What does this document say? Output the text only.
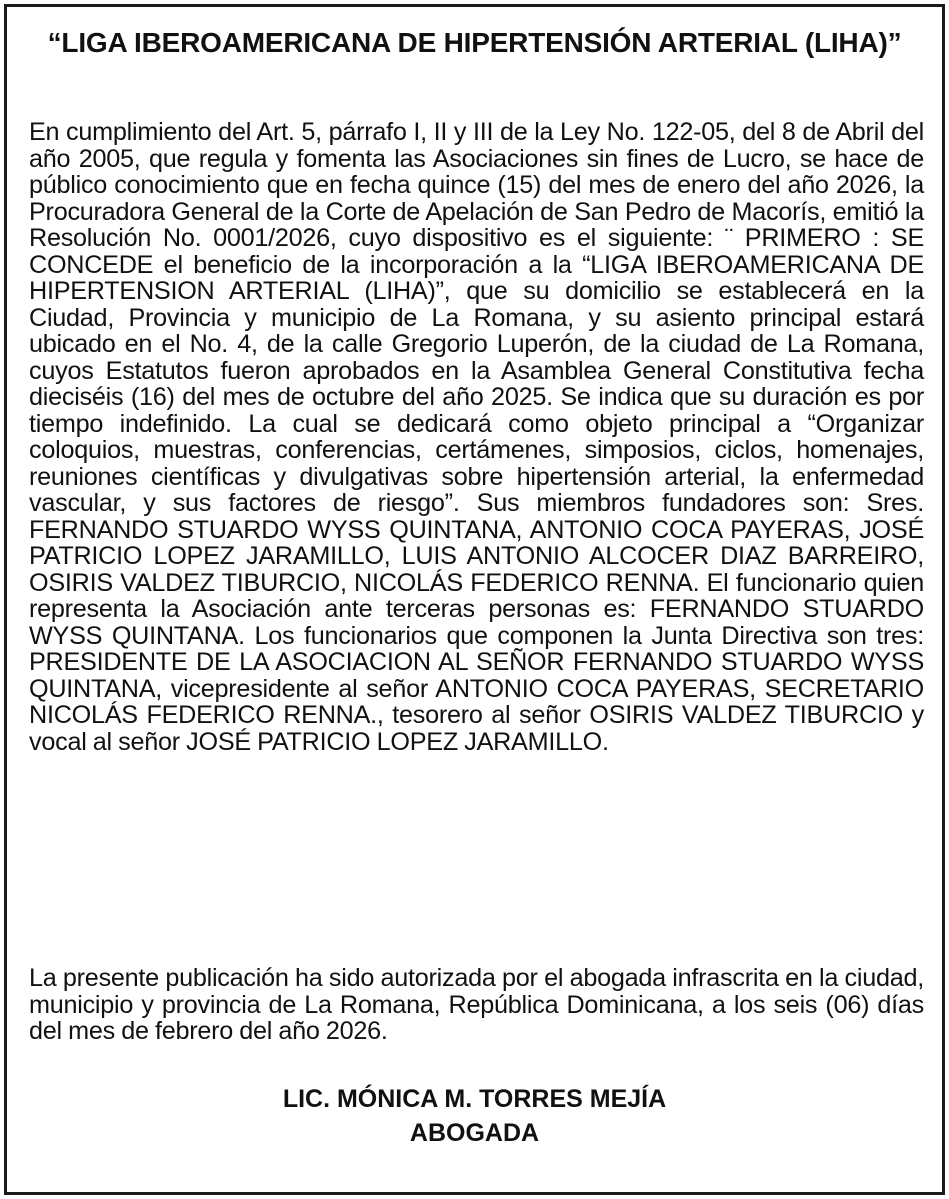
“LIGA IBEROAMERICANA DE HIPERTENSIÓN ARTERIAL (LIHA)”

En cumplimiento del Art. 5, párrafo I, II y III de la Ley No. 122-05, del 8 de Abril del año 2005, que regula y fomenta las Asociaciones sin fines de Lucro, se hace de público conocimiento que en fecha quince (15) del mes de enero del año 2026, la Procuradora General de la Corte de Apelación de San Pedro de Macorís, emitió la Resolución No. 0001/2026, cuyo dispositivo es el siguiente: ¨ PRIMERO : SE CONCEDE el beneficio de la incorporación a la “LIGA IBEROAMERICANA DE HIPERTENSION ARTERIAL (LIHA)”, que su domicilio se establecerá en la Ciudad, Provincia y municipio de La Romana, y su asiento principal estará ubicado en el No. 4, de la calle Gregorio Luperón, de la ciudad de La Romana, cuyos Estatutos fueron aprobados en la Asamblea General Constitutiva fecha dieciséis (16) del mes de octubre del año 2025. Se indica que su duración es por tiempo indefinido. La cual se dedicará como objeto principal a “Organizar coloquios, muestras, conferencias, certámenes, simposios, ciclos, homenajes, reuniones científicas y divulgativas sobre hipertensión arterial, la enfermedad vascular, y sus factores de riesgo”. Sus miembros fundadores son: Sres. FERNANDO STUARDO WYSS QUINTANA, ANTONIO COCA PAYERAS, JOSÉ PATRICIO LOPEZ JARAMILLO, LUIS ANTONIO ALCOCER DIAZ BARREIRO, OSIRIS VALDEZ TIBURCIO, NICOLÁS FEDERICO RENNA. El funcionario quien representa la Asociación ante terceras personas es: FERNANDO STUARDO WYSS QUINTANA. Los funcionarios que componen la Junta Directiva son tres: PRESIDENTE DE LA ASOCIACION AL SEÑOR FERNANDO STUARDO WYSS QUINTANA, vicepresidente al señor ANTONIO COCA PAYERAS, SECRETARIO NICOLÁS FEDERICO RENNA., tesorero al señor OSIRIS VALDEZ TIBURCIO y vocal al señor JOSÉ PATRICIO LOPEZ JARAMILLO.

La presente publicación ha sido autorizada por el abogada infrascrita en la ciudad, municipio y provincia de La Romana, República Dominicana, a los seis (06) días del mes de febrero del año 2026.

LIC. MÓNICA M. TORRES MEJÍA
ABOGADA
